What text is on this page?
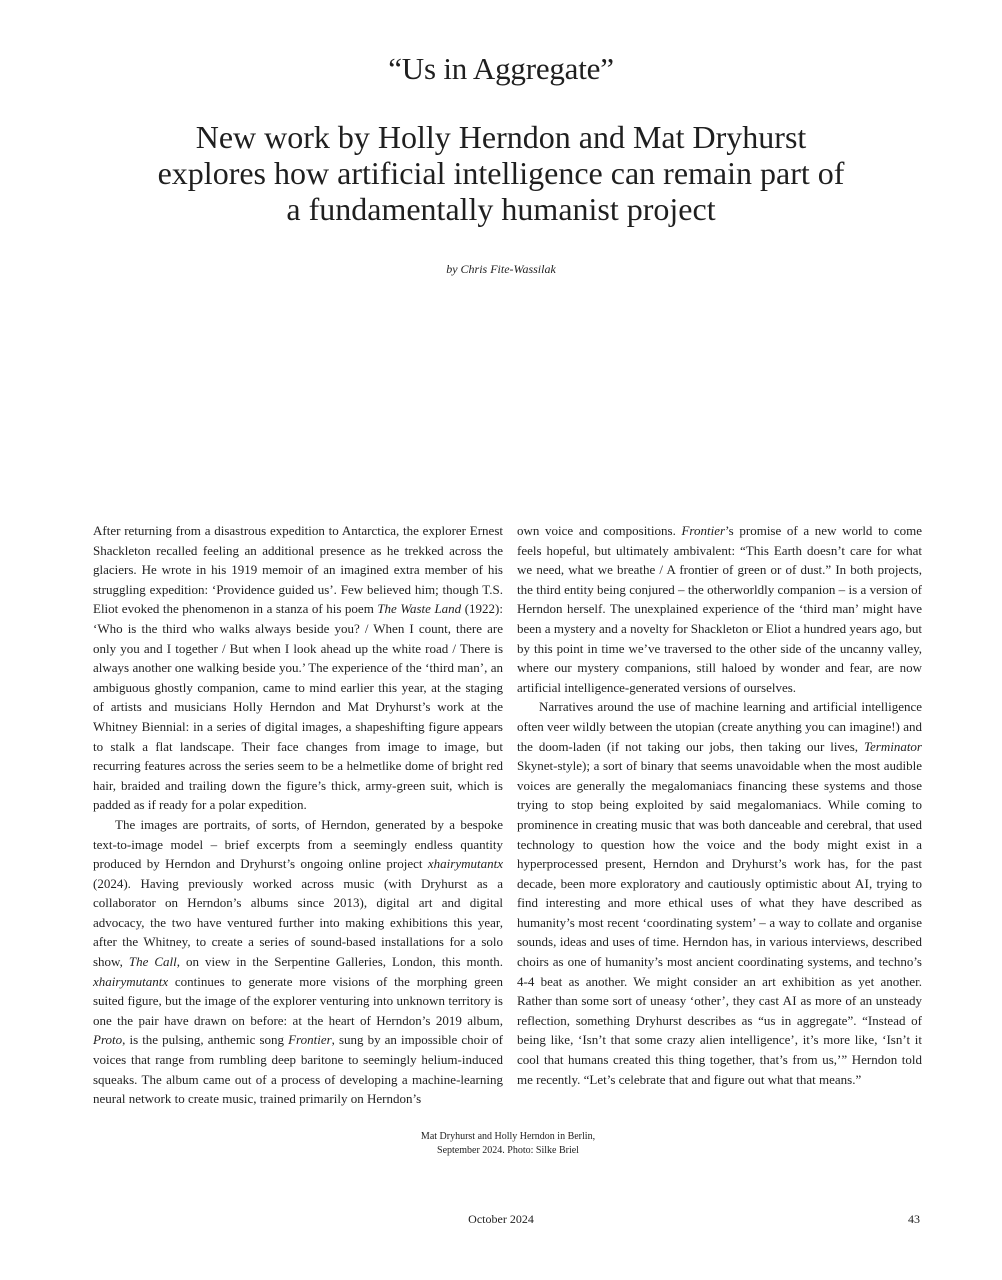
“Us in Aggregate”
New work by Holly Herndon and Mat Dryhurst explores how artificial intelligence can remain part of a fundamentally humanist project
by Chris Fite-Wassilak

After returning from a disastrous expedition to Antarctica, the explorer Ernest Shackleton recalled feeling an additional presence as he trekked across the glaciers. He wrote in his 1919 memoir of an imagined extra member of his struggling expedition: ‘Providence guided us’. Few believed him; though T.S. Eliot evoked the phenomenon in a stanza of his poem The Waste Land (1922): ‘Who is the third who walks always beside you? / When I count, there are only you and I together / But when I look ahead up the white road / There is always another one walking beside you.’ The experience of the ‘third man’, an ambiguous ghostly companion, came to mind earlier this year, at the staging of artists and musicians Holly Herndon and Mat Dryhurst’s work at the Whitney Biennial: in a series of digital images, a shapeshifting figure appears to stalk a flat landscape. Their face changes from image to image, but recurring features across the series seem to be a helmetlike dome of bright red hair, braided and trailing down the figure’s thick, army-green suit, which is padded as if ready for a polar expedition.

The images are portraits, of sorts, of Herndon, generated by a bespoke text-to-image model – brief excerpts from a seemingly endless quantity produced by Herndon and Dryhurst’s ongoing online project xhairymutantx (2024). Having previously worked across music (with Dryhurst as a collaborator on Herndon’s albums since 2013), digital art and digital advocacy, the two have ventured further into making exhibitions this year, after the Whitney, to create a series of sound-based installations for a solo show, The Call, on view in the Serpentine Galleries, London, this month. xhairymutantx continues to generate more visions of the morphing green suited figure, but the image of the explorer venturing into unknown territory is one the pair have drawn on before: at the heart of Herndon’s 2019 album, Proto, is the pulsing, anthemic song Frontier, sung by an impossible choir of voices that range from rumbling deep baritone to seemingly helium-induced squeaks. The album came out of a process of developing a machine-learning neural network to create music, trained primarily on Herndon’s

own voice and compositions. Frontier’s promise of a new world to come feels hopeful, but ultimately ambivalent: “This Earth doesn’t care for what we need, what we breathe / A frontier of green or of dust.” In both projects, the third entity being conjured – the otherworldly companion – is a version of Herndon herself. The unexplained experience of the ‘third man’ might have been a mystery and a novelty for Shackleton or Eliot a hundred years ago, but by this point in time we’ve traversed to the other side of the uncanny valley, where our mystery companions, still haloed by wonder and fear, are now artificial intelligence-generated versions of ourselves.

Narratives around the use of machine learning and artificial intelligence often veer wildly between the utopian (create anything you can imagine!) and the doom-laden (if not taking our jobs, then taking our lives, Terminator Skynet-style); a sort of binary that seems unavoidable when the most audible voices are generally the megalomaniacs financing these systems and those trying to stop being exploited by said megalomaniacs. While coming to prominence in creating music that was both danceable and cerebral, that used technology to question how the voice and the body might exist in a hyperprocessed present, Herndon and Dryhurst’s work has, for the past decade, been more exploratory and cautiously optimistic about AI, trying to find interesting and more ethical uses of what they have described as humanity’s most recent ‘coordinating system’ – a way to collate and organise sounds, ideas and uses of time. Herndon has, in various interviews, described choirs as one of humanity’s most ancient coordinating systems, and techno’s 4-4 beat as another. We might consider an art exhibition as yet another. Rather than some sort of uneasy ‘other’, they cast AI as more of an unsteady reflection, something Dryhurst describes as “us in aggregate”. “Instead of being like, ‘Isn’t that some crazy alien intelligence’, it’s more like, ‘Isn’t it cool that humans created this thing together, that’s from us,’” Herndon told me recently. “Let’s celebrate that and figure out what that means.”

Mat Dryhurst and Holly Herndon in Berlin, September 2024. Photo: Silke Briel
October 2024	43
